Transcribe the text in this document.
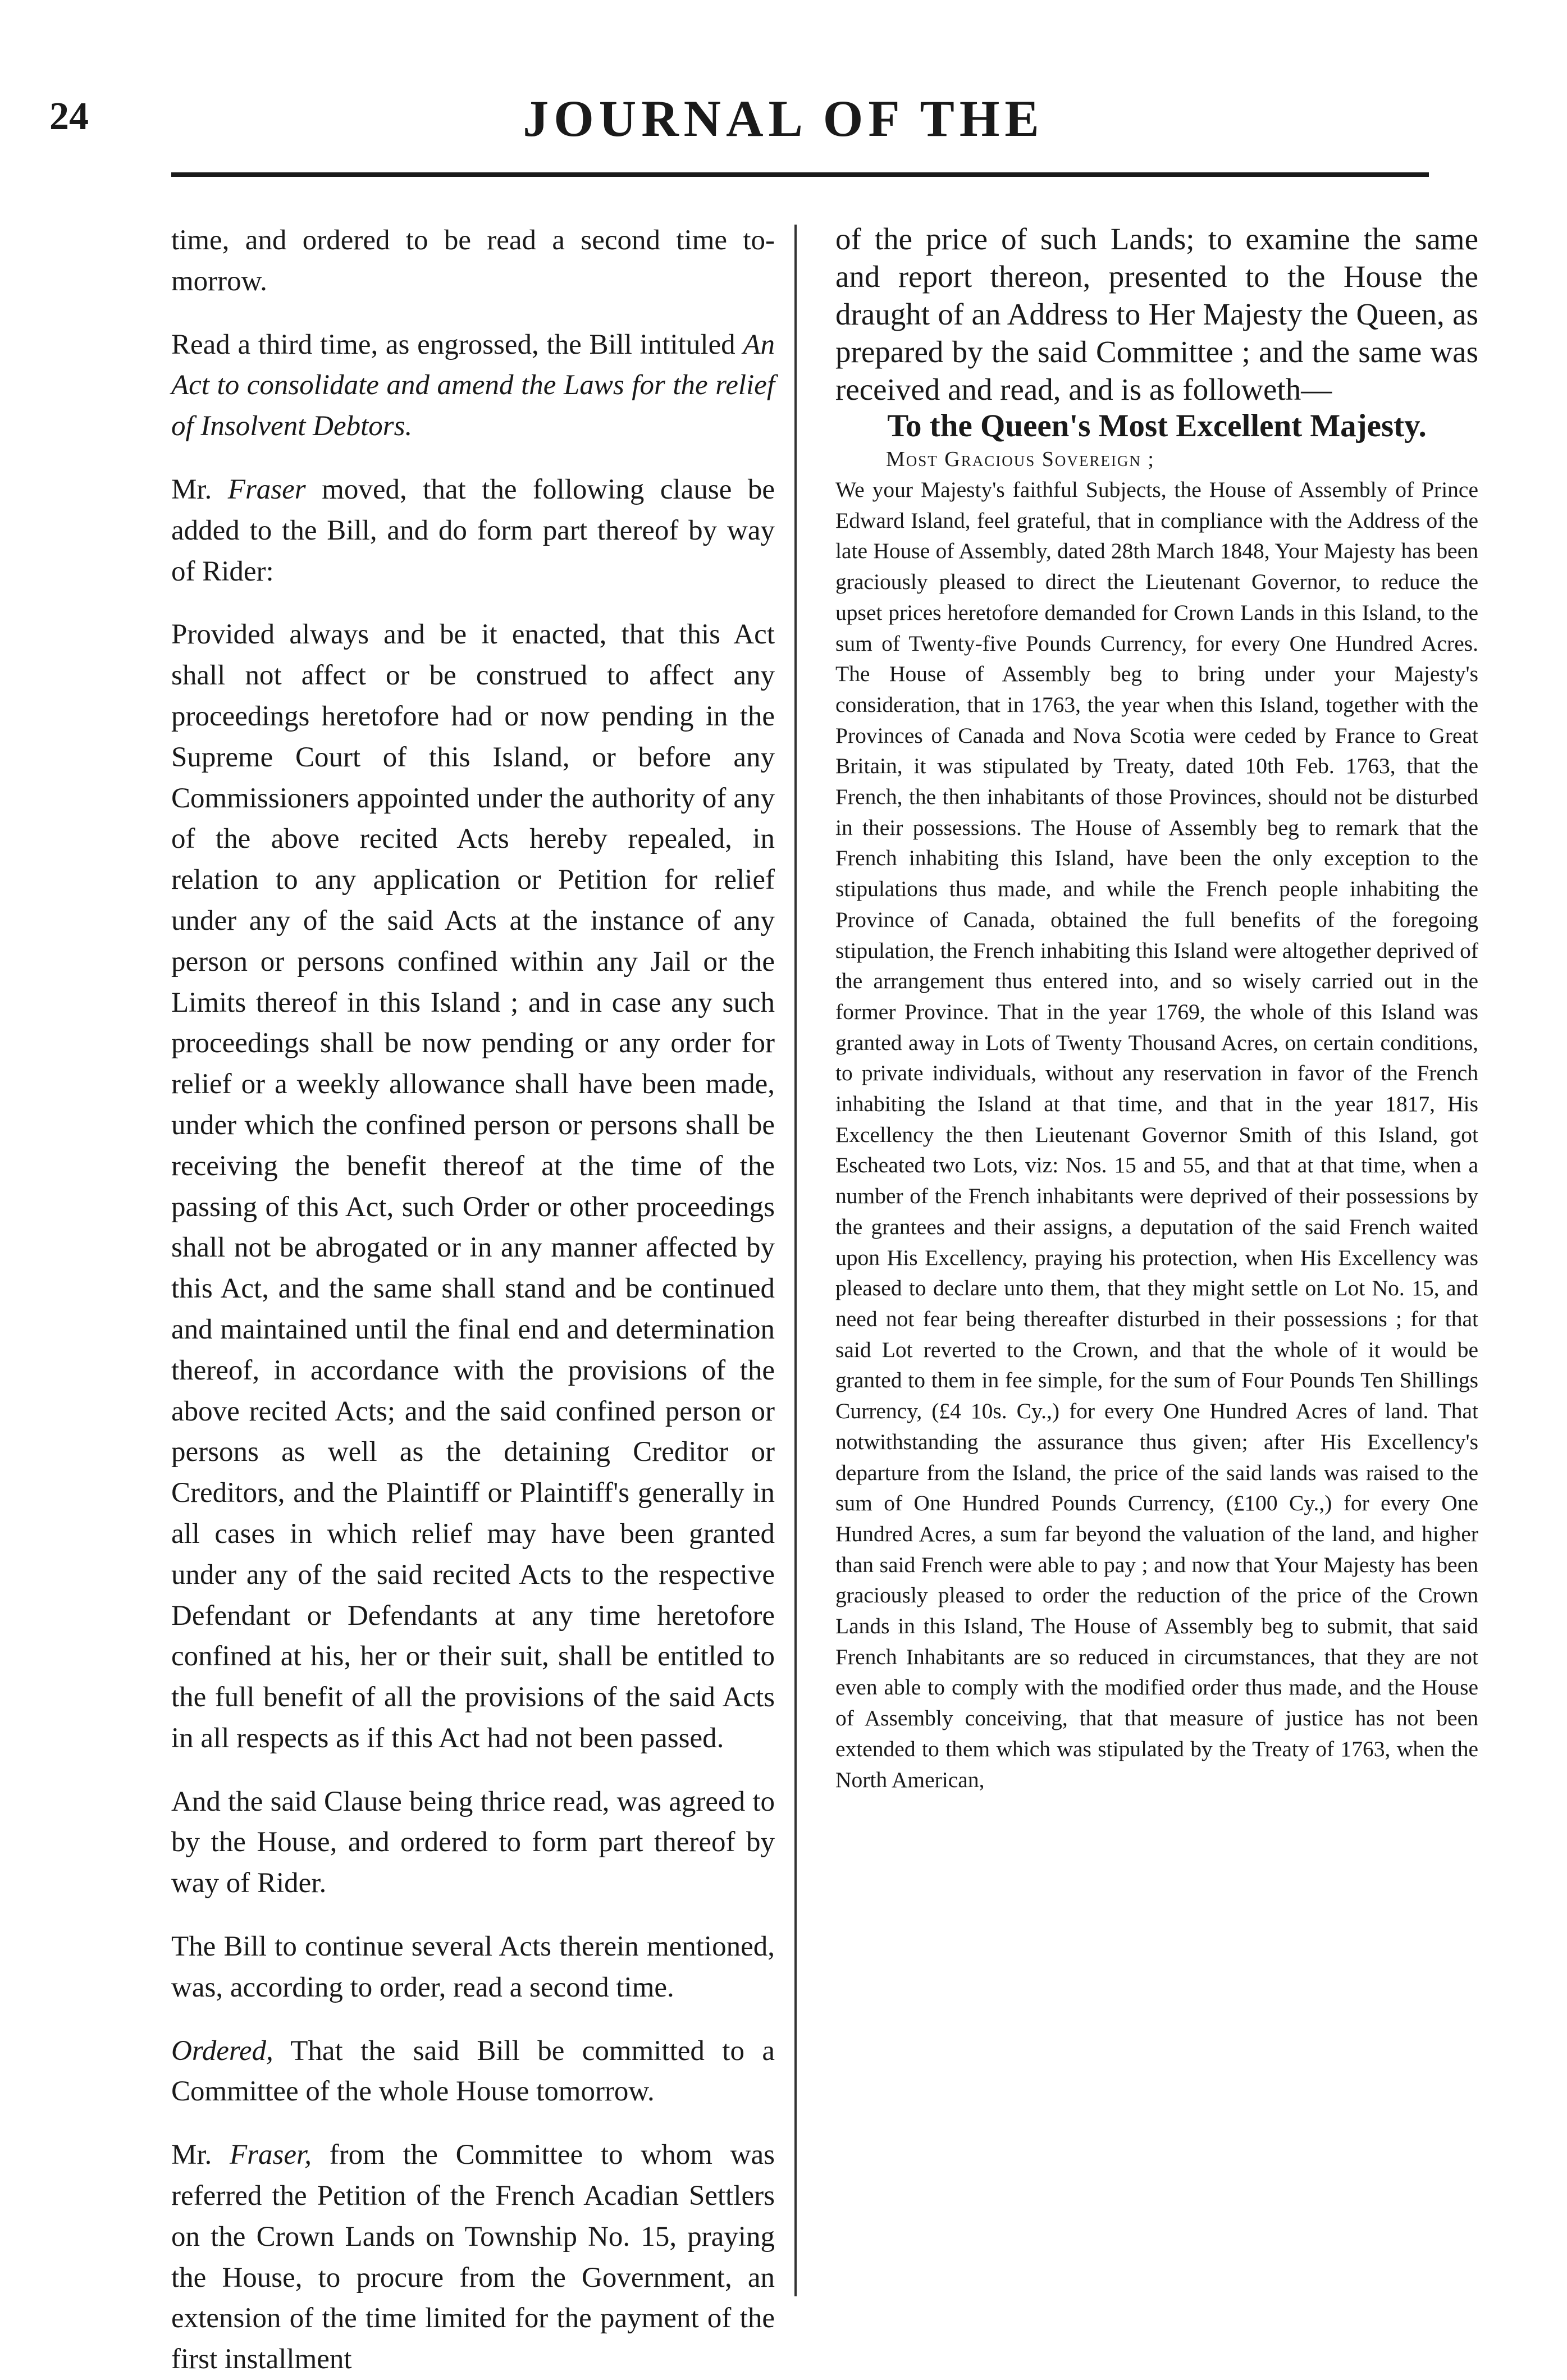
24	JOURNAL OF THE

time, and ordered to be read a second time to-morrow.

Read a third time, as engrossed, the Bill intituled An Act to consolidate and amend the Laws for the relief of Insolvent Debtors.

Mr. Fraser moved, that the following clause be added to the Bill, and do form part thereof by way of Rider:

Provided always and be it enacted, that this Act shall not affect or be construed to affect any proceedings heretofore had or now pending in the Supreme Court of this Island, or before any Commissioners appointed under the authority of any of the above recited Acts hereby repealed, in relation to any application or Petition for relief under any of the said Acts at the instance of any person or persons confined within any Jail or the Limits thereof in this Island ; and in case any such proceedings shall be now pending or any order for relief or a weekly allowance shall have been made, under which the confined person or persons shall be receiving the benefit thereof at the time of the passing of this Act, such Order or other proceedings shall not be abrogated or in any manner affected by this Act, and the same shall stand and be continued and maintained until the final end and determination thereof, in accordance with the provisions of the above recited Acts; and the said confined person or persons as well as the detaining Creditor or Creditors, and the Plaintiff or Plaintiff's generally in all cases in which relief may have been granted under any of the said recited Acts to the respective Defendant or Defendants at any time heretofore confined at his, her or their suit, shall be entitled to the full benefit of all the provisions of the said Acts in all respects as if this Act had not been passed.

And the said Clause being thrice read, was agreed to by the House, and ordered to form part thereof by way of Rider.

The Bill to continue several Acts therein mentioned, was, according to order, read a second time.

Ordered, That the said Bill be committed to a Committee of the whole House tomorrow.

Mr. Fraser, from the Committee to whom was referred the Petition of the French Acadian Settlers on the Crown Lands on Township No. 15, praying the House, to procure from the Government, an extension of the time limited for the payment of the first installment

of the price of such Lands; to examine the same and report thereon, presented to the House the draught of an Address to Her Majesty the Queen, as prepared by the said Committee ; and the same was received and read, and is as followeth—

To the Queen's Most Excellent Majesty.

Most Gracious Sovereign ;

We your Majesty's faithful Subjects, the House of Assembly of Prince Edward Island, feel grateful, that in compliance with the Address of the late House of Assembly, dated 28th March 1848, Your Majesty has been graciously pleased to direct the Lieutenant Governor, to reduce the upset prices heretofore demanded for Crown Lands in this Island, to the sum of Twenty-five Pounds Currency, for every One Hundred Acres. The House of Assembly beg to bring under your Majesty's consideration, that in 1763, the year when this Island, together with the Provinces of Canada and Nova Scotia were ceded by France to Great Britain, it was stipulated by Treaty, dated 10th Feb. 1763, that the French, the then inhabitants of those Provinces, should not be disturbed in their possessions. The House of Assembly beg to remark that the French inhabiting this Island, have been the only exception to the stipulations thus made, and while the French people inhabiting the Province of Canada, obtained the full benefits of the foregoing stipulation, the French inhabiting this Island were altogether deprived of the arrangement thus entered into, and so wisely carried out in the former Province. That in the year 1769, the whole of this Island was granted away in Lots of Twenty Thousand Acres, on certain conditions, to private individuals, without any reservation in favor of the French inhabiting the Island at that time, and that in the year 1817, His Excellency the then Lieutenant Governor Smith of this Island, got Escheated two Lots, viz: Nos. 15 and 55, and that at that time, when a number of the French inhabitants were deprived of their possessions by the grantees and their assigns, a deputation of the said French waited upon His Excellency, praying his protection, when His Excellency was pleased to declare unto them, that they might settle on Lot No. 15, and need not fear being thereafter disturbed in their possessions ; for that said Lot reverted to the Crown, and that the whole of it would be granted to them in fee simple, for the sum of Four Pounds Ten Shillings Currency, (£4 10s. Cy.,) for every One Hundred Acres of land. That notwithstanding the assurance thus given; after His Excellency's departure from the Island, the price of the said lands was raised to the sum of One Hundred Pounds Currency, (£100 Cy.,) for every One Hundred Acres, a sum far beyond the valuation of the land, and higher than said French were able to pay ; and now that Your Majesty has been graciously pleased to order the reduction of the price of the Crown Lands in this Island, The House of Assembly beg to submit, that said French Inhabitants are so reduced in circumstances, that they are not even able to comply with the modified order thus made, and the House of Assembly conceiving, that that measure of justice has not been extended to them which was stipulated by the Treaty of 1763, when the North American,
